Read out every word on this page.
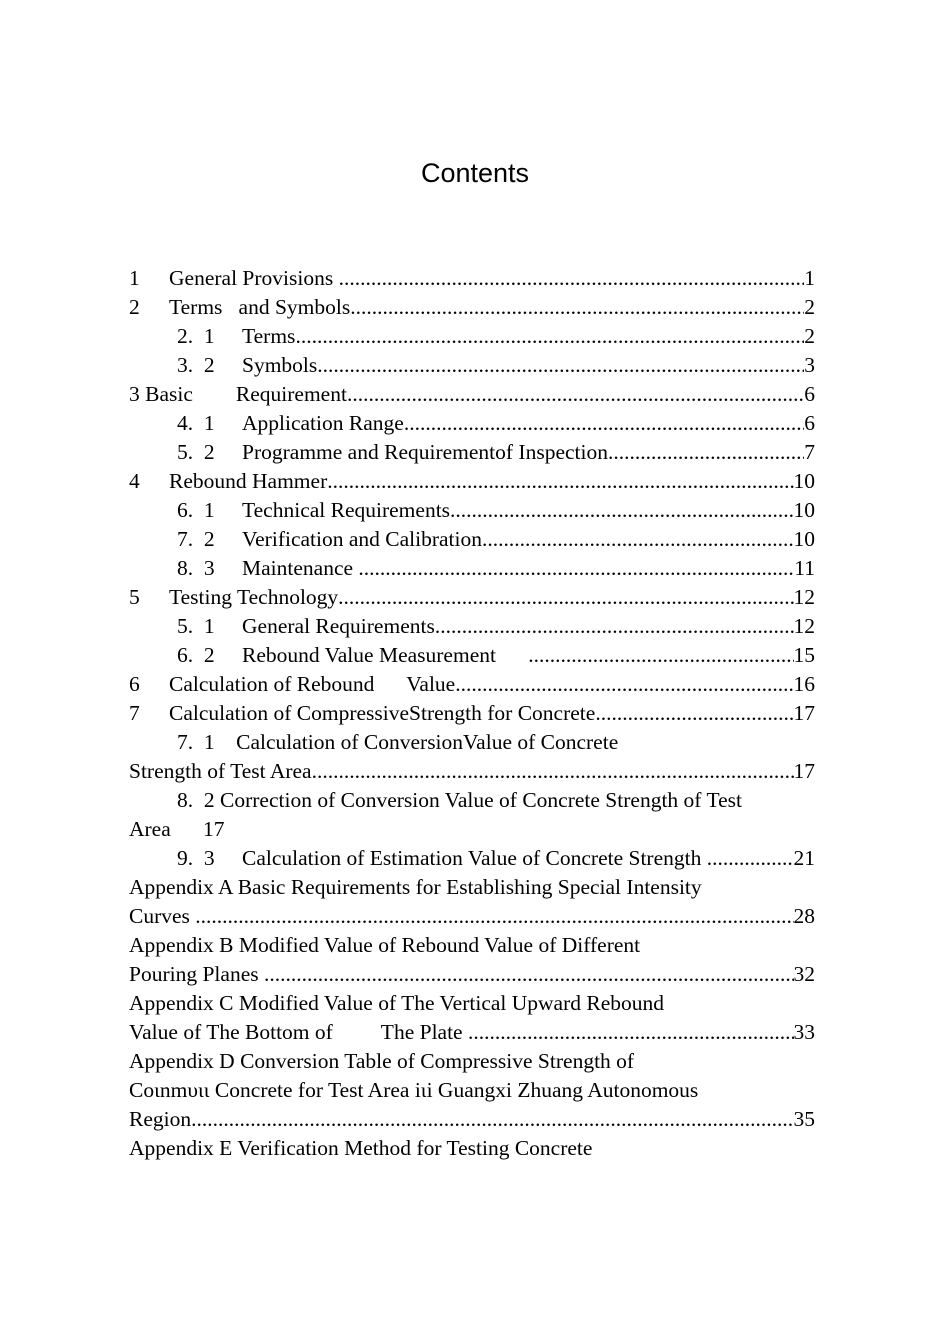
Contents
1	General Provisions .....	1
2	Terms   and Symbols .....	2
2.  1	Terms .....	2
3.  2	Symbols .....	3
3 Basic        Requirement .....	6
4.  1	Application Range .....	6
5.  2	Programme and Requirementof Inspection .....	7
4	Rebound Hammer .....	10
6.  1	Technical Requirements .....	10
7.  2	Verification and Calibration .....	10
8.  3	Maintenance .....	11
5	Testing Technology .....	12
5.  1	General Requirements .....	12
6.  2	Rebound Value Measurement .....	15
6	Calculation of Rebound      Value .....	16
7	Calculation of CompressiveStrength for Concrete .....	17
7.  1    Calculation of ConversionValue of Concrete
Strength of Test Area .....	17
8.  2 Correction of Conversion Value of Concrete Strength of Test
Area      17
9.  3	Calculation of Estimation Value of Concrete Strength .....	21
Appendix A Basic Requirements for Establishing Special Intensity
Curves .....	28
Appendix B Modified Value of Rebound Value of Different
Pouring Planes .....	32
Appendix C Modified Value of The Vertical Upward Rebound
Value of The Bottom of         The Plate .....	33
Appendix D Conversion Table of Compressive Strength of
Coιnmυιι Concrete for Test Area iιi Guangxi Zhuang Autonomous
Region .....	35
Appendix E Verification Method for Testing Concrete
